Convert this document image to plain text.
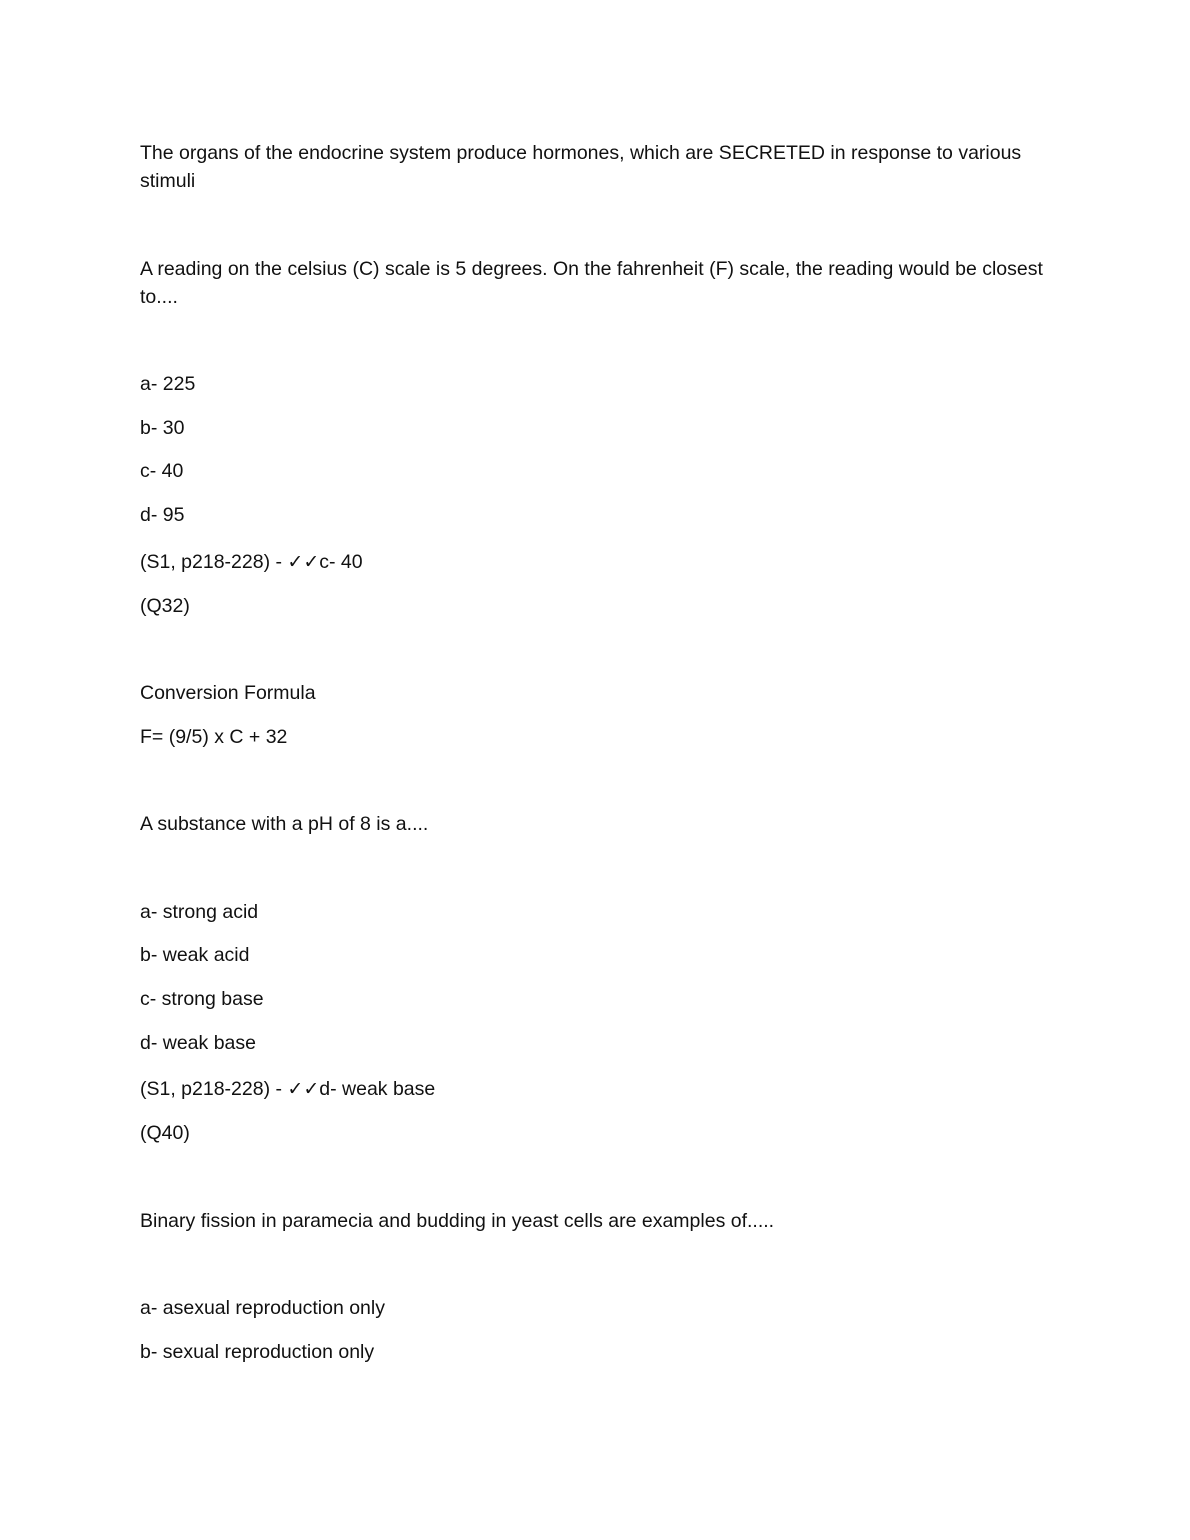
The organs of the endocrine system produce hormones, which are SECRETED in response to various stimuli
A reading on the celsius (C) scale is 5 degrees. On the fahrenheit (F) scale, the reading would be closest to....
a- 225
b- 30
c- 40
d- 95
(S1, p218-228) - ✓✓c- 40
(Q32)
Conversion Formula
F= (9/5) x C + 32
A substance with a pH of 8 is a....
a- strong acid
b- weak acid
c- strong base
d- weak base
(S1, p218-228) - ✓✓d- weak base
(Q40)
Binary fission in paramecia and budding in yeast cells are examples of.....
a- asexual reproduction only
b- sexual reproduction only
